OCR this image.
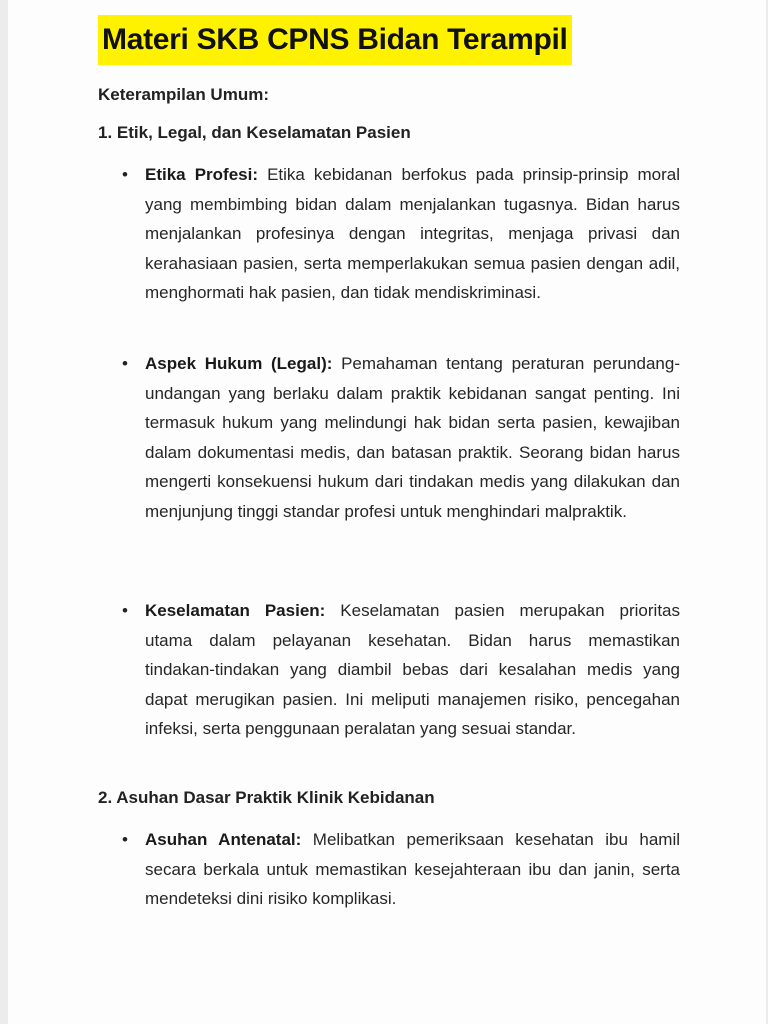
Materi SKB CPNS Bidan Terampil
Keterampilan Umum:
1. Etik, Legal, dan Keselamatan Pasien
•	Etika Profesi: Etika kebidanan berfokus pada prinsip-prinsip moral yang membimbing bidan dalam menjalankan tugasnya. Bidan harus menjalankan profesinya dengan integritas, menjaga privasi dan kerahasiaan pasien, serta memperlakukan semua pasien dengan adil, menghormati hak pasien, dan tidak mendiskriminasi.
•	Aspek Hukum (Legal): Pemahaman tentang peraturan perundang-undangan yang berlaku dalam praktik kebidanan sangat penting. Ini termasuk hukum yang melindungi hak bidan serta pasien, kewajiban dalam dokumentasi medis, dan batasan praktik. Seorang bidan harus mengerti konsekuensi hukum dari tindakan medis yang dilakukan dan menjunjung tinggi standar profesi untuk menghindari malpraktik.
•	Keselamatan Pasien: Keselamatan pasien merupakan prioritas utama dalam pelayanan kesehatan. Bidan harus memastikan tindakan-tindakan yang diambil bebas dari kesalahan medis yang dapat merugikan pasien. Ini meliputi manajemen risiko, pencegahan infeksi, serta penggunaan peralatan yang sesuai standar.
2. Asuhan Dasar Praktik Klinik Kebidanan
•	Asuhan Antenatal: Melibatkan pemeriksaan kesehatan ibu hamil secara berkala untuk memastikan kesejahteraan ibu dan janin, serta mendeteksi dini risiko komplikasi.
